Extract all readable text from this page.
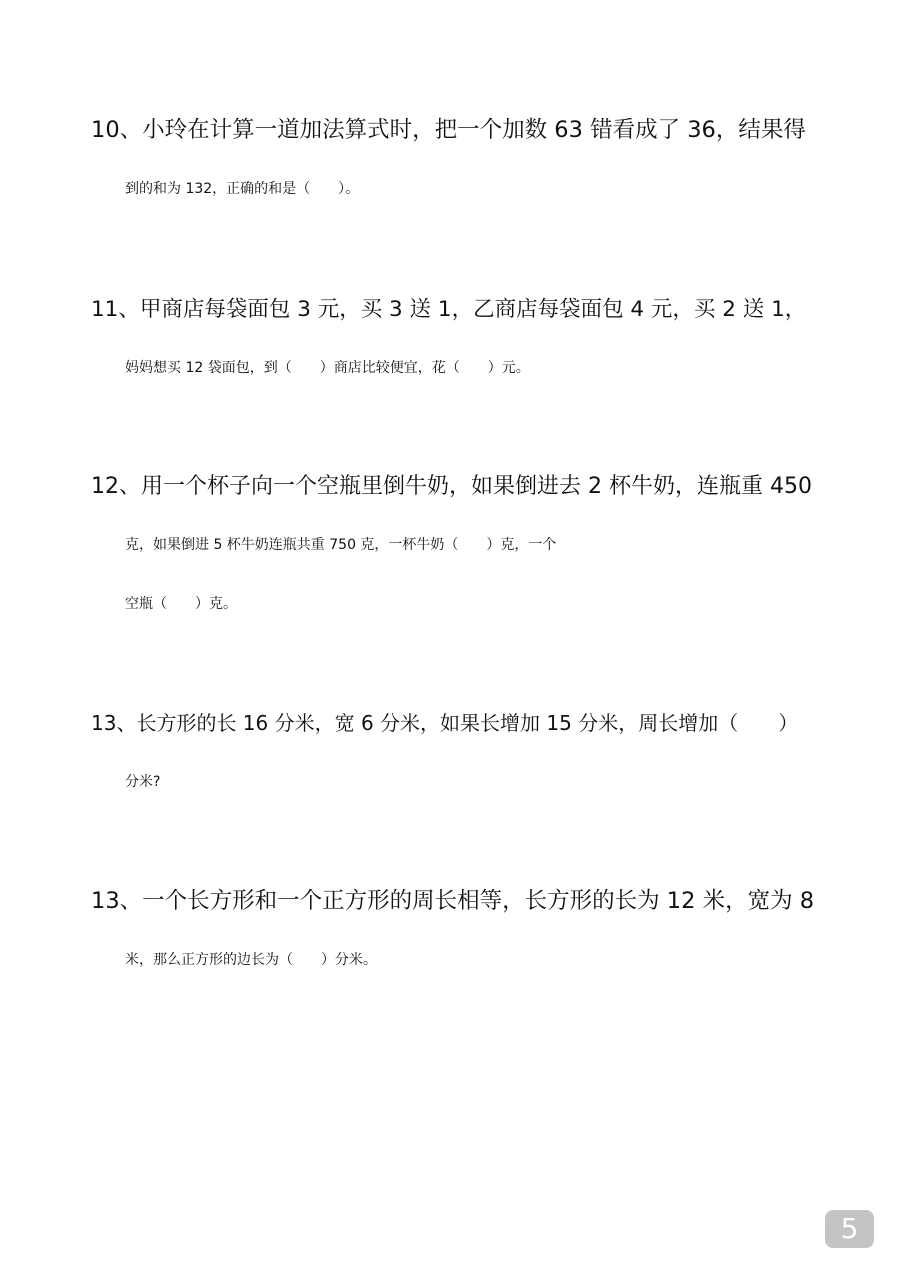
10、小玲在计算一道加法算式时，把一个加数 63 错看成了 36，结果得
到的和为 132，正确的和是（　　）。
11、甲商店每袋面包 3 元，买 3 送 1，乙商店每袋面包 4 元，买 2 送 1，
妈妈想买 12 袋面包，到（　　）商店比较便宜，花（　　）元。
12、用一个杯子向一个空瓶里倒牛奶，如果倒进去 2 杯牛奶，连瓶重 450
克，如果倒进 5 杯牛奶连瓶共重 750 克，一杯牛奶（　　）克，一个
空瓶（　　）克。
13、长方形的长 16 分米，宽 6 分米，如果长增加 15 分米，周长增加（　　）
分米?
13、一个长方形和一个正方形的周长相等，长方形的长为 12 米，宽为 8
米，那么正方形的边长为（　　）分米。
5
